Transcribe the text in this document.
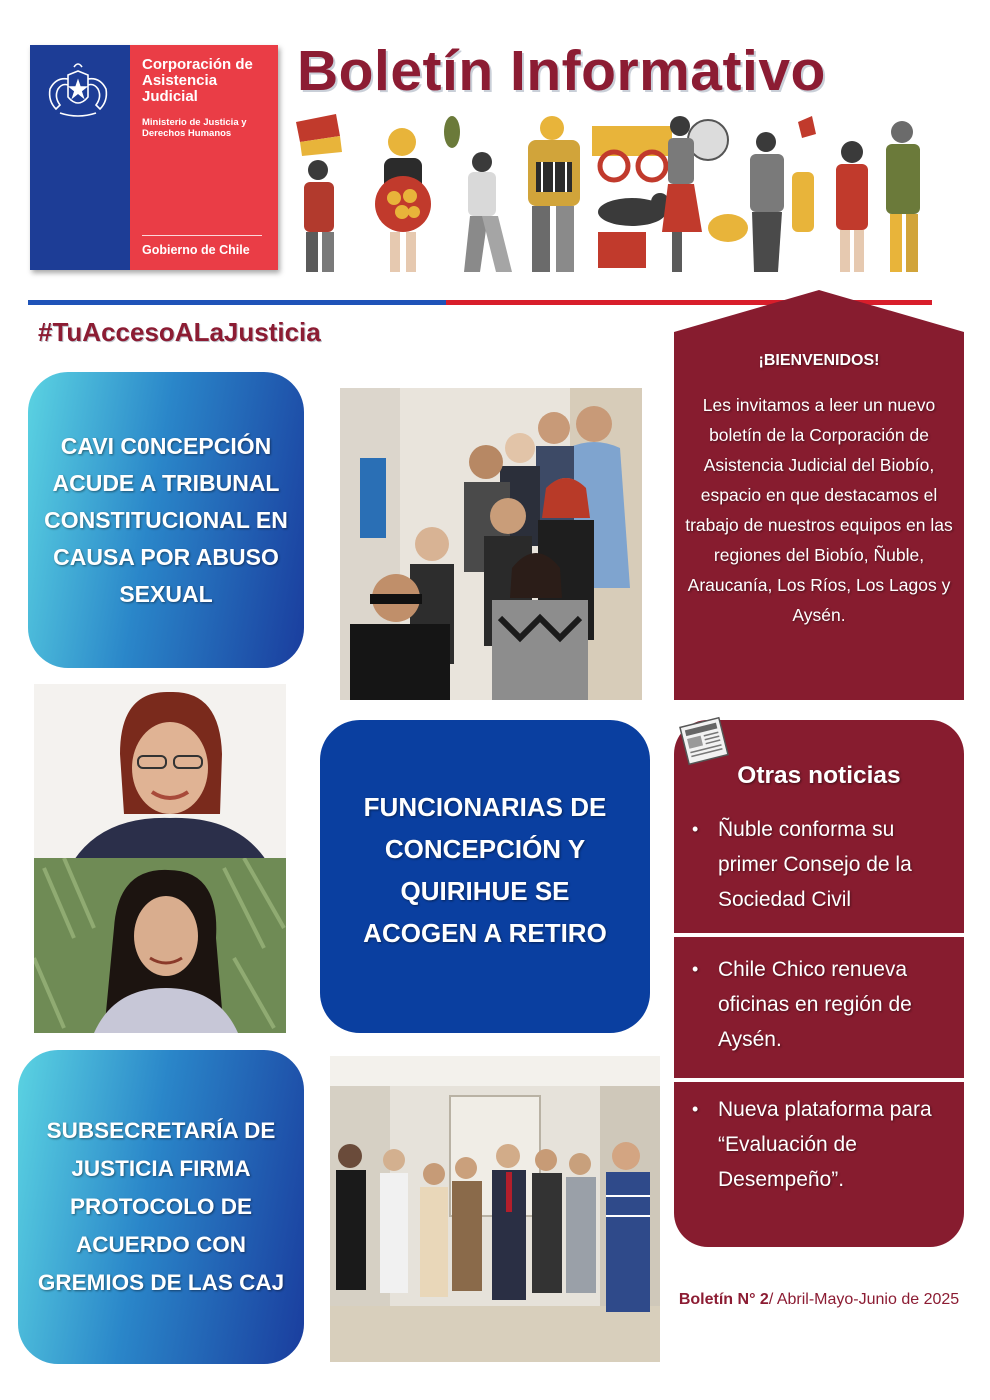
Corporación de Asistencia Judicial
Ministerio de Justicia y Derechos Humanos
Gobierno de Chile
Boletín Informativo
#TuAccesoALaJusticia
CAVI C0NCEPCIÓN ACUDE A TRIBUNAL CONSTITUCIONAL EN CAUSA POR ABUSO SEXUAL
¡BIENVENIDOS!
Les invitamos a leer un nuevo boletín de la Corporación de Asistencia Judicial del Biobío, espacio en que destacamos el trabajo de nuestros equipos en las regiones del Biobío, Ñuble, Araucanía, Los Ríos, Los Lagos y Aysén.
FUNCIONARIAS DE CONCEPCIÓN Y QUIRIHUE SE ACOGEN A RETIRO
Otras noticias
• Ñuble conforma su primer Consejo de la Sociedad Civil
• Chile Chico renueva oficinas en región de Aysén.
• Nueva plataforma para “Evaluación de Desempeño”.
SUBSECRETARÍA DE JUSTICIA FIRMA PROTOCOLO DE ACUERDO CON GREMIOS DE LAS CAJ
Boletín N° 2/ Abril-Mayo-Junio de 2025
